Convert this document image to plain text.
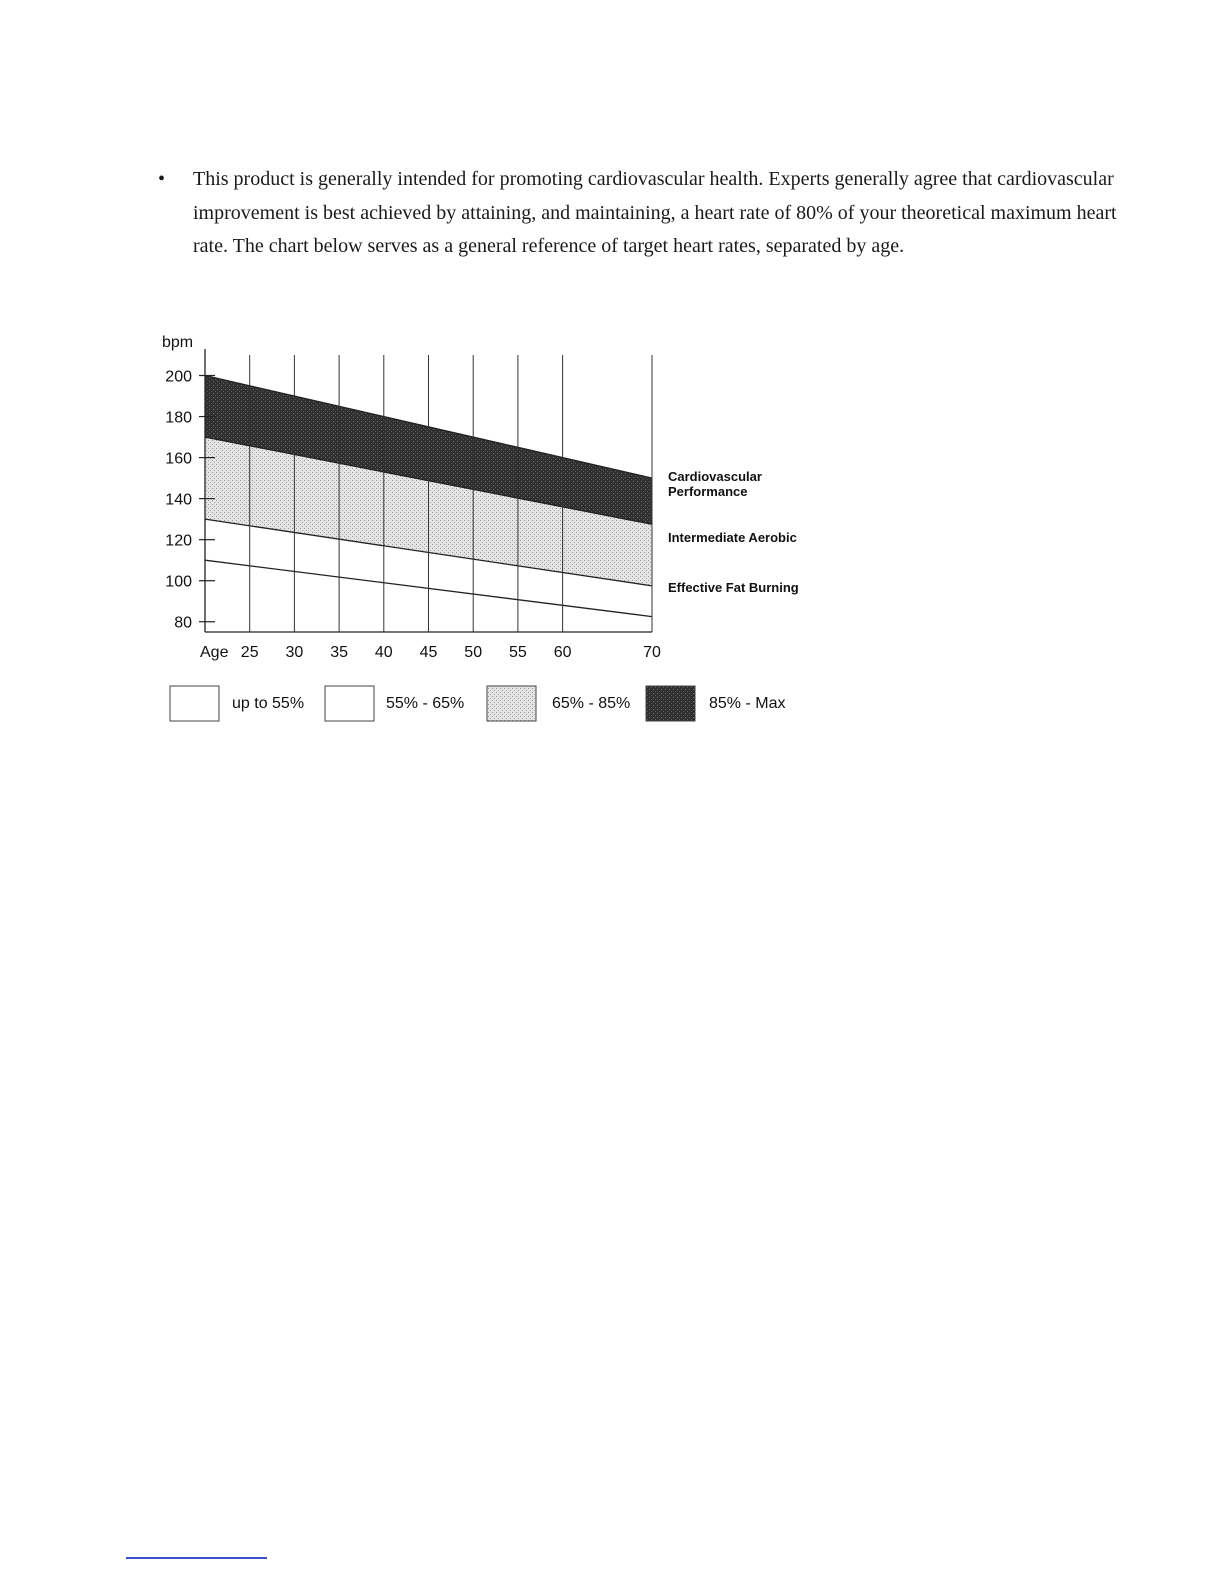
'
• This product is generally intended for promoting cardiovascular health. Experts generally agree that cardiovascular improvement is best achieved by attaining, and maintaining, a heart rate of 80% of your theoretical maximum heart rate. The chart below serves as a general reference of target heart rates, separated by age.
80
100
120
140
160
180
200
bpm
Age 25 30 35 40 45 50 55 60	70
Cardiovascular
Performance
Intermediate Aerobic
Effective Fat Burning
up to 55%	55% - 65%	65% - 85%	85% - Max
